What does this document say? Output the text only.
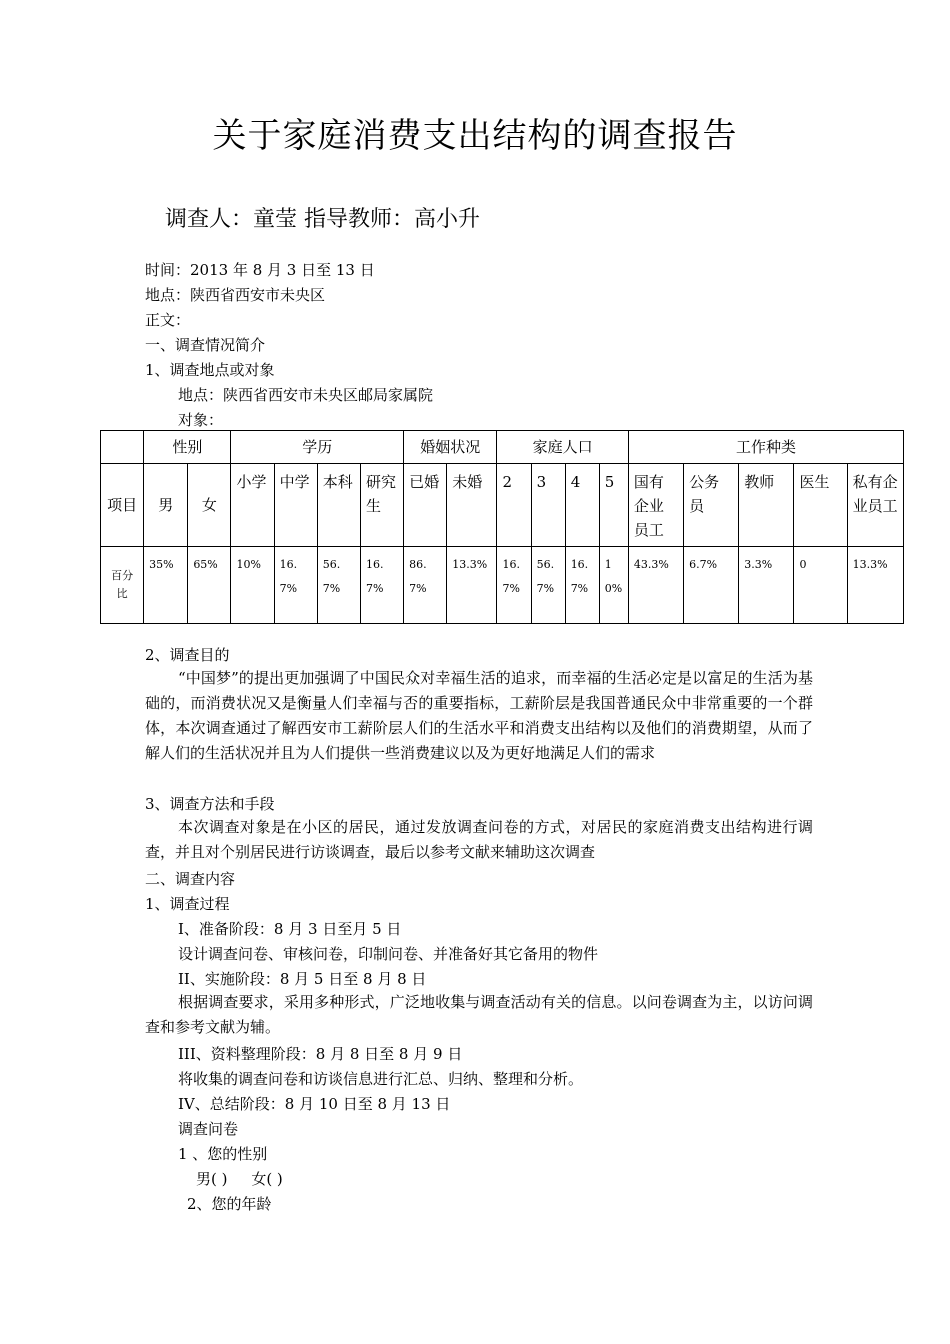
关于家庭消费支出结构的调查报告
调查人：童莹 指导教师：高小升
时间：2013 年 8 月 3 日至 13 日
地点：陕西省西安市未央区
正文：
一、调查情况简介
1、调查地点或对象
地点：陕西省西安市未央区邮局家属院
对象：
	性别		学历				婚姻状况		家庭人口				工作种类				
项目	男	女	小学	中学	本科	研究生	已婚	未婚	2	3	4	5	国有企业员工	公务员	教师	医生	私有企业员工
百分比	35%	65%	10%	16.7%	56.7%	16.7%	86.7%	13.3%	16.7%	56.7%	16.7%	10%	43.3%	6.7%	3.3%	0	13.3%
2、调查目的
“中国梦”的提出更加强调了中国民众对幸福生活的追求，而幸福的生活必定是以富足的生活为基础的，而消费状况又是衡量人们幸福与否的重要指标，工薪阶层是我国普通民众中非常重要的一个群体，本次调查通过了解西安市工薪阶层人们的生活水平和消费支出结构以及他们的消费期望，从而了解人们的生活状况并且为人们提供一些消费建议以及为更好地满足人们的需求
3、调查方法和手段
本次调查对象是在小区的居民，通过发放调查问卷的方式，对居民的家庭消费支出结构进行调查，并且对个别居民进行访谈调查，最后以参考文献来辅助这次调查
二、调查内容
1、调查过程
I、准备阶段：8 月 3 日至月 5 日
设计调查问卷、审核问卷，印制问卷、并准备好其它备用的物件
II、实施阶段：8 月 5 日至 8 月 8 日
根据调查要求，采用多种形式，广泛地收集与调查活动有关的信息。以问卷调查为主，以访问调查和参考文献为辅。
III、资料整理阶段：8 月 8 日至 8 月 9 日
将收集的调查问卷和访谈信息进行汇总、归纳、整理和分析。
IV、总结阶段：8 月 10 日至 8 月 13 日
调查问卷
1 、您的性别
男( )     女( )
2、您的年龄
